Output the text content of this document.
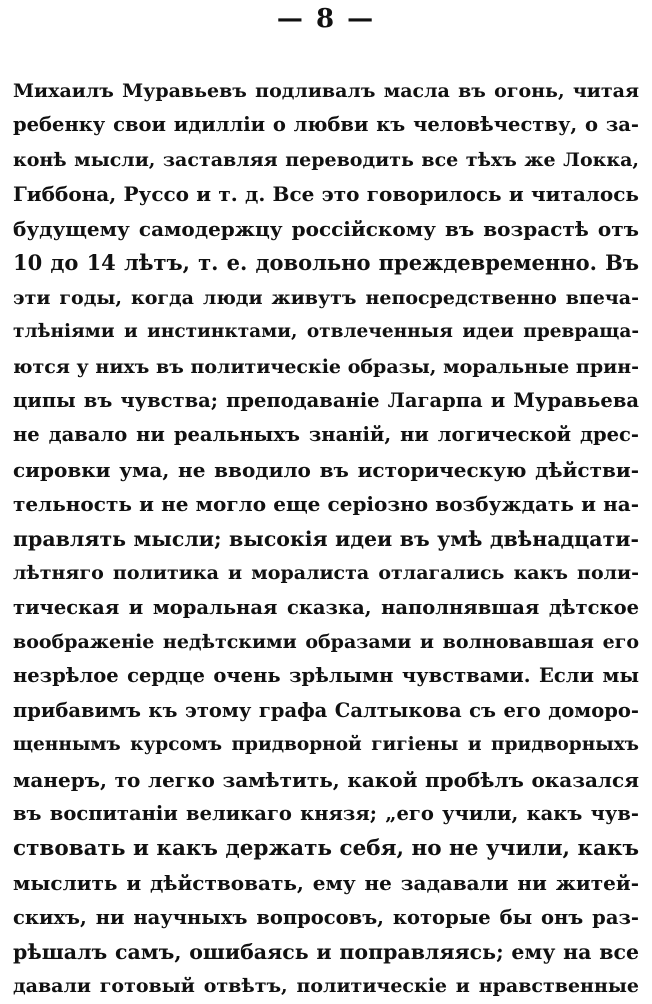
— 8 —
Михаилъ Муравьевъ подливалъ масла въ огонь, читая
ребенку свои идилліи о любви къ человѣчеству, о за-
конѣ мысли, заставляя переводить все тѣхъ же Локка,
Гиббона, Руссо и т. д. Все это говорилось и читалось
будущему самодержцу россійскому въ возрастѣ отъ
10 до 14 лѣтъ, т. е. довольно преждевременно. Въ
эти годы, когда люди живутъ непосредственно впеча-
тлѣніями и инстинктами, отвлеченныя идеи превраща-
ются у нихъ въ политическіе образы, моральные прин-
ципы въ чувства; преподаваніе Лагарпа и Муравьева
не давало ни реальныхъ знаній, ни логической дрес-
сировки ума, не вводило въ историческую дѣйстви-
тельность и не могло еще серіозно возбуждать и на-
правлять мысли; высокія идеи въ умѣ двѣнадцати-
лѣтняго политика и моралиста отлагались какъ поли-
тическая и моральная сказка, наполнявшая дѣтское
воображеніе недѣтскими образами и волновавшая его
незрѣлое сердце очень зрѣлымн чувствами. Если мы
прибавимъ къ этому графа Салтыкова съ его доморо-
щеннымъ курсомъ придворной гигіены и придворныхъ
манеръ, то легко замѣтить, какой пробѣлъ оказался
въ воспитаніи великаго князя; „его учили, какъ чув-
ствовать и какъ держать себя, но не учили, какъ
мыслить и дѣйствовать, ему не задавали ни житей-
скихъ, ни научныхъ вопросовъ, которые бы онъ раз-
рѣшалъ самъ, ошибаясь и поправляясь; ему на все
давали готовый отвѣтъ, политическіе и нравственные
